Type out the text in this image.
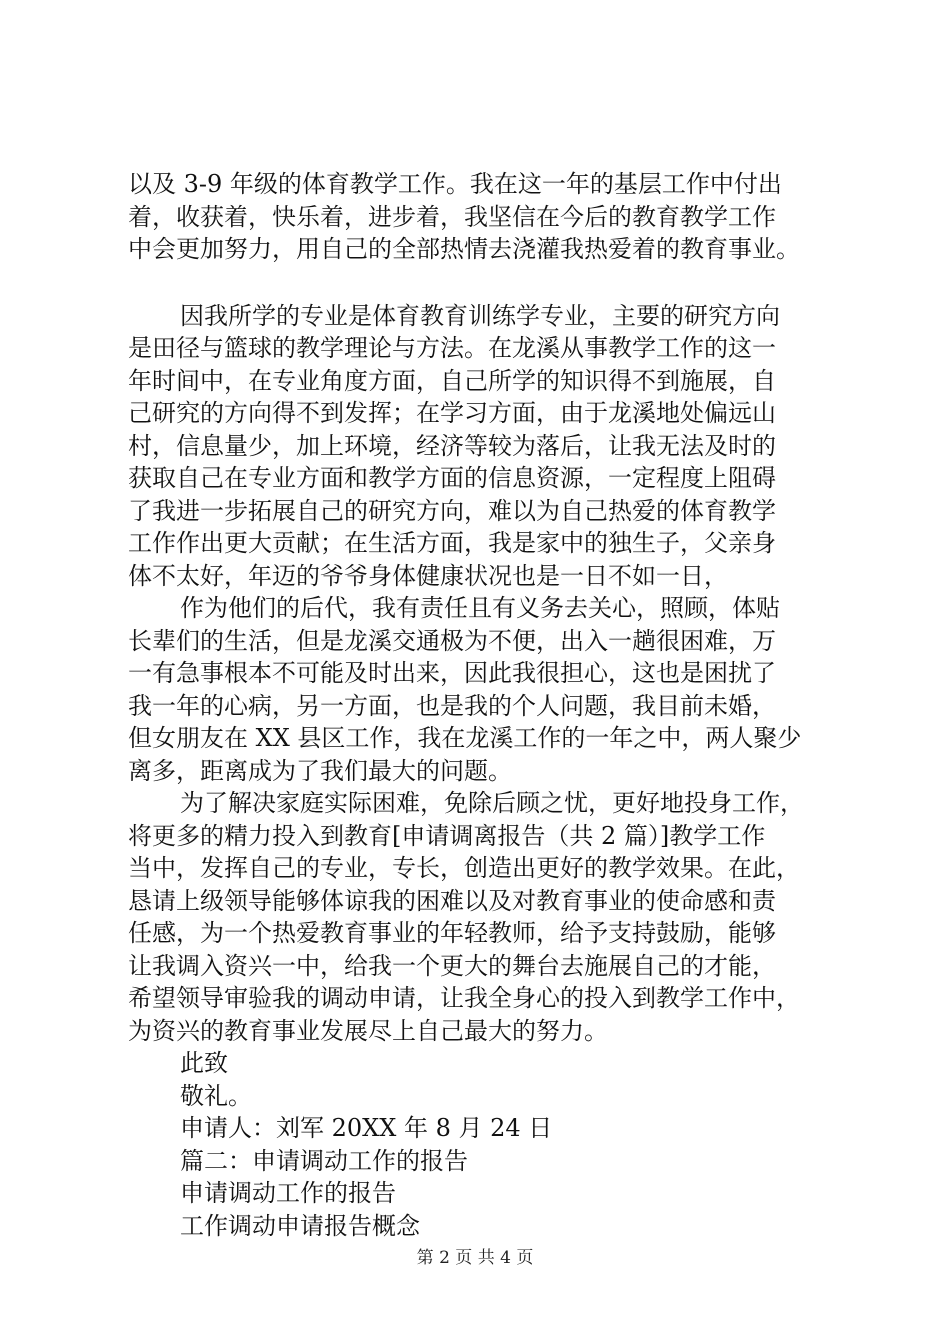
以及 3-9 年级的体育教学工作。我在这一年的基层工作中付出
着，收获着，快乐着，进步着，我坚信在今后的教育教学工作
中会更加努力，用自己的全部热情去浇灌我热爱着的教育事业。
因我所学的专业是体育教育训练学专业，主要的研究方向
是田径与篮球的教学理论与方法。在龙溪从事教学工作的这一
年时间中，在专业角度方面，自己所学的知识得不到施展，自
己研究的方向得不到发挥；在学习方面，由于龙溪地处偏远山
村，信息量少，加上环境，经济等较为落后，让我无法及时的
获取自己在专业方面和教学方面的信息资源，一定程度上阻碍
了我进一步拓展自己的研究方向，难以为自己热爱的体育教学
工作作出更大贡献；在生活方面，我是家中的独生子，父亲身
体不太好，年迈的爷爷身体健康状况也是一日不如一日，
作为他们的后代，我有责任且有义务去关心，照顾，体贴
长辈们的生活，但是龙溪交通极为不便，出入一趟很困难，万
一有急事根本不可能及时出来，因此我很担心，这也是困扰了
我一年的心病，另一方面，也是我的个人问题，我目前未婚，
但女朋友在 XX 县区工作，我在龙溪工作的一年之中，两人聚少
离多，距离成为了我们最大的问题。
为了解决家庭实际困难，免除后顾之忧，更好地投身工作，
将更多的精力投入到教育[申请调离报告（共 2 篇）]教学工作
当中，发挥自己的专业，专长，创造出更好的教学效果。在此，
恳请上级领导能够体谅我的困难以及对教育事业的使命感和责
任感，为一个热爱教育事业的年轻教师，给予支持鼓励，能够
让我调入资兴一中，给我一个更大的舞台去施展自己的才能，
希望领导审验我的调动申请，让我全身心的投入到教学工作中，
为资兴的教育事业发展尽上自己最大的努力。
此致
敬礼。
申请人：刘军 20XX 年 8 月 24 日
篇二：申请调动工作的报告
申请调动工作的报告
工作调动申请报告概念
第 2 页 共 4 页
